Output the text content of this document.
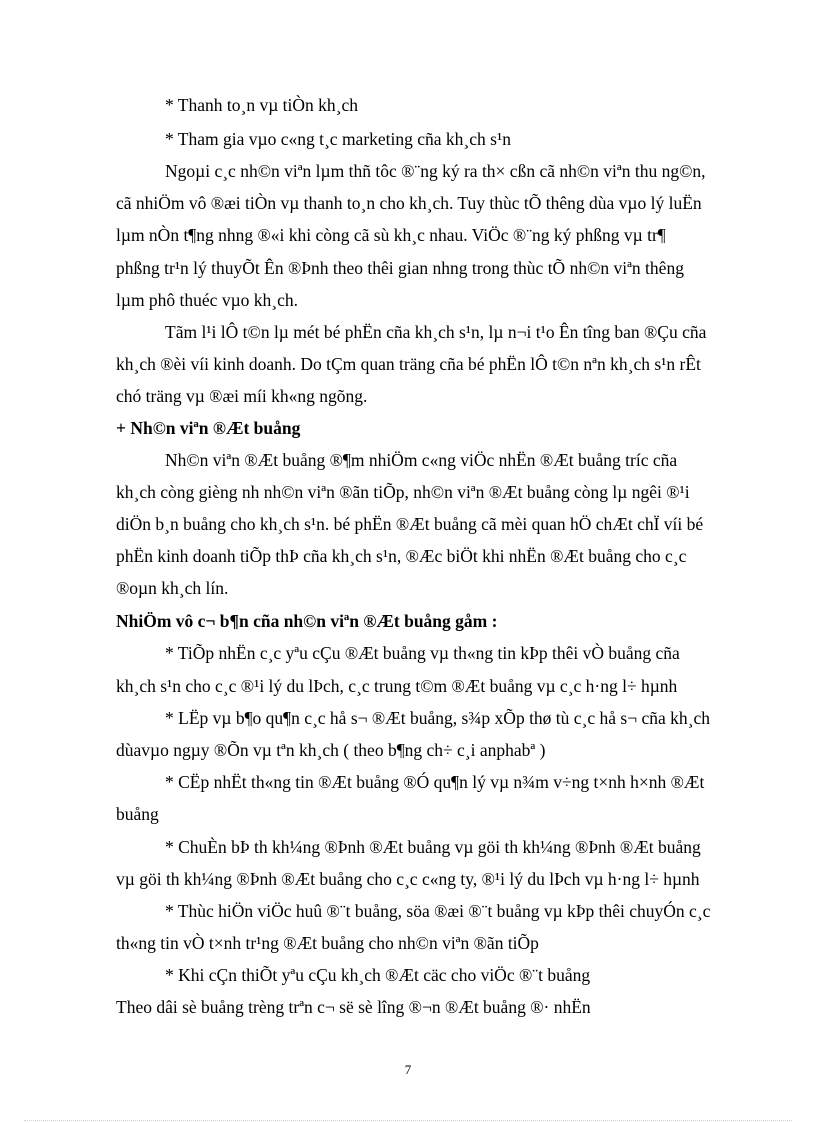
* Thanh to¸n vµ tiÒn kh¸ch
* Tham gia vµo c«ng t¸c marketing cña kh¸ch s¹n
Ngoµi c¸c nh©n viªn lµm thñ tôc ®¨ng ký ra th× cßn cã nh©n viªn thu ng©n,
cã nhiÖm vô ®æi tiÒn vµ thanh to¸n cho kh¸ch. Tuy thùc tÕ thêng dùa vµo lý luËn
lµm nÒn t¶ng nhng ®«i khi còng cã sù kh¸c nhau. ViÖc ®¨ng ký phßng vµ tr¶
phßng tr¹n lý thuyÕt Ên ®Þnh theo thêi gian nhng trong thùc tÕ nh©n viªn thêng
lµm phô thuéc vµo kh¸ch.
Tãm l¹i lÔ t©n lµ mét bé phËn cña kh¸ch s¹n, lµ n¬i t¹o Ên tîng ban ®Çu cña
kh¸ch ®èi víi kinh doanh. Do tÇm quan träng cña bé phËn lÔ t©n nªn kh¸ch s¹n rÊt
chó träng vµ ®æi míi kh«ng ngõng.
+ Nh©n viªn ®Æt buång
Nh©n viªn ®Æt buång ®¶m nhiÖm c«ng viÖc nhËn ®Æt buång tríc cña
kh¸ch còng gièng nh nh©n viªn ®ãn tiÕp, nh©n viªn ®Æt buång còng lµ ngêi ®¹i
diÖn b¸n buång cho kh¸ch s¹n. bé phËn ®Æt buång cã mèi quan hÖ chÆt chÏ víi bé
phËn kinh doanh tiÕp thÞ cña kh¸ch s¹n, ®Æc biÖt khi nhËn ®Æt buång cho c¸c
®oµn kh¸ch lín.
NhiÖm vô c¬ b¶n cña nh©n viªn ®Æt buång gåm :
* TiÕp nhËn c¸c yªu cÇu ®Æt buång vµ th«ng tin kÞp thêi vÒ buång cña
kh¸ch s¹n cho c¸c ®¹i lý du lÞch, c¸c trung t©m ®Æt buång vµ c¸c h·ng l÷ hµnh
* LËp vµ b¶o qu¶n c¸c hå s¬ ®Æt buång, s¾p xÕp thø tù c¸c hå s¬ cña kh¸ch
dùavµo ngµy ®Õn vµ tªn kh¸ch ( theo b¶ng ch÷ c¸i anphabª )
* CËp nhËt th«ng tin ®Æt buång ®Ó qu¶n lý vµ n¾m v÷ng t×nh h×nh ®Æt
buång
* ChuÈn bÞ th kh¼ng ®Þnh ®Æt buång vµ göi th kh¼ng ®Þnh ®Æt buång
vµ göi th kh¼ng ®Þnh ®Æt buång cho c¸c c«ng ty, ®¹i lý du lÞch vµ h·ng l÷ hµnh
* Thùc hiÖn viÖc huû ®¨t buång, söa ®æi ®¨t buång vµ kÞp thêi chuyÓn c¸c
th«ng tin vÒ t×nh tr¹ng ®Æt buång cho nh©n viªn ®ãn tiÕp
* Khi cÇn thiÕt yªu cÇu kh¸ch ®Æt cäc cho viÖc ®¨t buång
Theo dâi sè buång trèng trªn c¬ së sè lîng ®¬n ®Æt buång ®· nhËn
7
